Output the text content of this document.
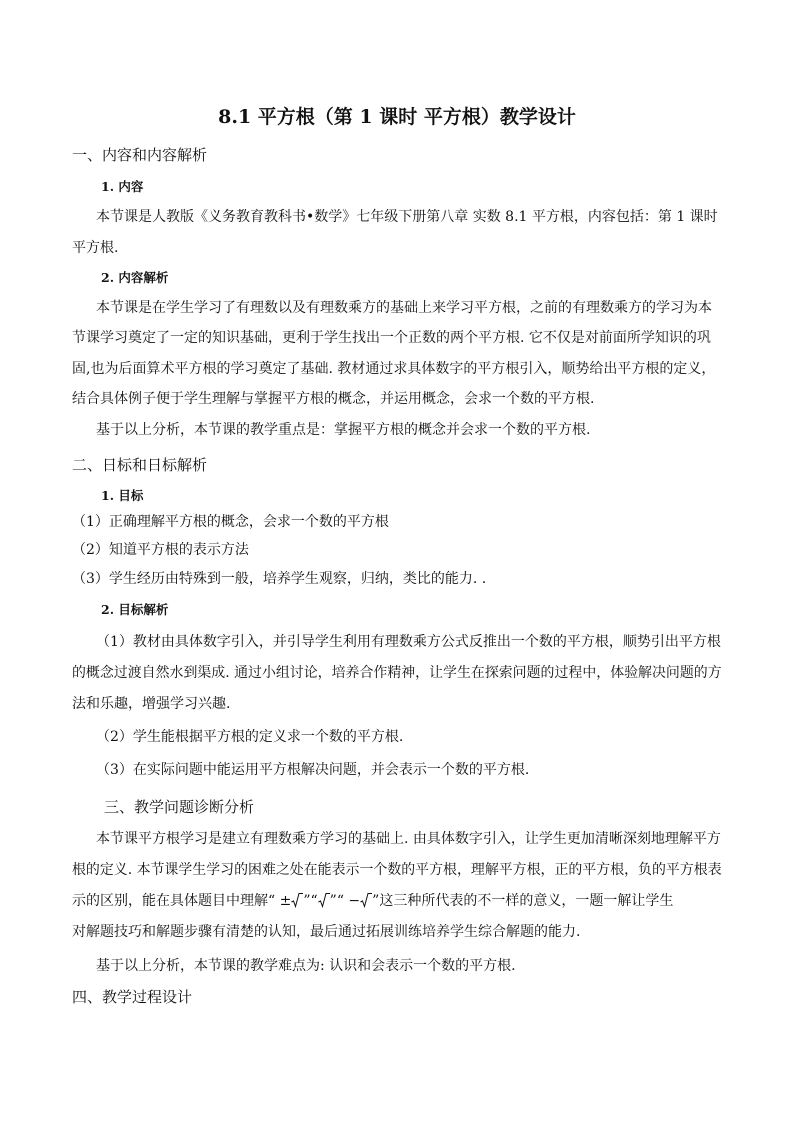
8.1 平方根（第 1 课时 平方根）教学设计
一、内容和内容解析
1. 内容
本节课是人教版《义务教育教科书•数学》七年级下册第八章 实数 8.1 平方根，内容包括：第 1 课时
平方根.
2. 内容解析
本节课是在学生学习了有理数以及有理数乘方的基础上来学习平方根，之前的有理数乘方的学习为本
节课学习奠定了一定的知识基础，更利于学生找出一个正数的两个平方根. 它不仅是对前面所学知识的巩
固,也为后面算术平方根的学习奠定了基础. 教材通过求具体数字的平方根引入，顺势给出平方根的定义，
结合具体例子便于学生理解与掌握平方根的概念，并运用概念，会求一个数的平方根.
基于以上分析，本节课的教学重点是：掌握平方根的概念并会求一个数的平方根.
二、日标和日标解析
1. 目标
（1）正确理解平方根的概念，会求一个数的平方根
（2）知道平方根的表示方法
（3）学生经历由特殊到一般，培养学生观察，归纳，类比的能力. .
2. 目标解析
（1）教材由具体数字引入，并引导学生利用有理数乘方公式反推出一个数的平方根，顺势引出平方根
的概念过渡自然水到渠成. 通过小组讨论，培养合作精神，让学生在探索问题的过程中，体验解决问题的方
法和乐趣，增强学习兴趣.
（2）学生能根据平方根的定义求一个数的平方根.
（3）在实际问题中能运用平方根解决问题，并会表示一个数的平方根.
三、教学问题诊断分析
本节课平方根学习是建立有理数乘方学习的基础上. 由具体数字引入，让学生更加清晰深刻地理解平方
根的定义. 本节课学生学习的困难之处在能表示一个数的平方根，理解平方根，正的平方根，负的平方根表
示的区别，能在具体题目中理解“ ± ”“ ”“ − ”这三种所代表的不一样的意义，一题一解让学生
对解题技巧和解题步骤有清楚的认知，最后通过拓展训练培养学生综合解题的能力.
基于以上分析，本节课的教学难点为: 认识和会表示一个数的平方根.
四、教学过程设计
